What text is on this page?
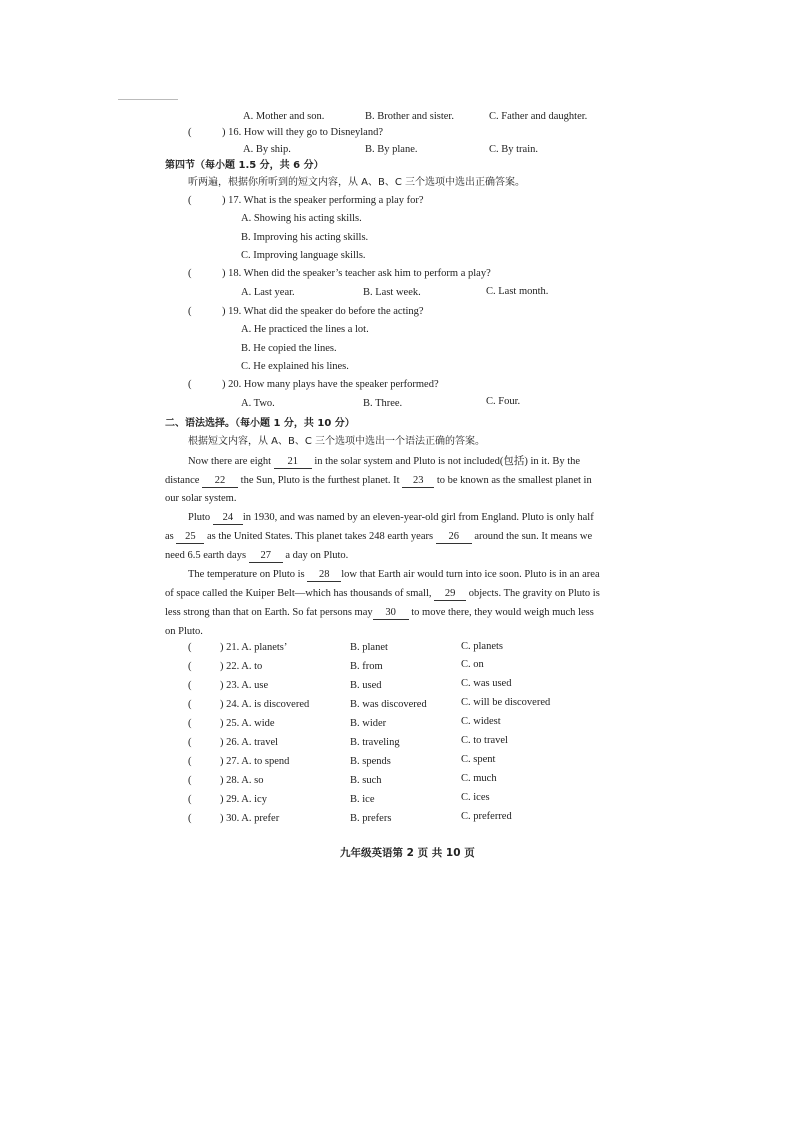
A. Mother and son.	B. Brother and sister.	C. Father and daughter.
(	) 16. How will they go to Disneyland?
A. By ship.	B. By plane.	C. By train.
第四节（每小题 1.5 分，共 6 分）
听两遍，根据你所听到的短文内容，从 A、B、C 三个选项中选出正确答案。
(	) 17. What is the speaker performing a play for?
A. Showing his acting skills.
B. Improving his acting skills.
C. Improving language skills.
(	) 18. When did the speaker’s teacher ask him to perform a play?
A. Last year.	B. Last week.	C. Last month.
(	) 19. What did the speaker do before the acting?
A. He practiced the lines a lot.
B. He copied the lines.
C. He explained his lines.
(	) 20. How many plays have the speaker performed?
A. Two.	B. Three.	C. Four.
二、语法选择。（每小题 1 分，共 10 分）
根据短文内容，从 A、B、C 三个选项中选出一个语法正确的答案。
Now there are eight 21 in the solar system and Pluto is not included(包括) in it. By the
distance 22 the Sun, Pluto is the furthest planet. It 23 to be known as the smallest planet in
our solar system.
Pluto 24 in 1930, and was named by an eleven-year-old girl from England. Pluto is only half
as 25 as the United States. This planet takes 248 earth years 26 around the sun. It means we
need 6.5 earth days 27 a day on Pluto.
The temperature on Pluto is 28 low that Earth air would turn into ice soon. Pluto is in an area
of space called the Kuiper Belt—which has thousands of small, 29 objects. The gravity on Pluto is
less strong than that on Earth. So fat persons may 30 to move there, they would weigh much less
on Pluto.
(	) 21. A. planets’	B. planet	C. planets
(	) 22. A. to	B. from	C. on
(	) 23. A. use	B. used	C. was used
(	) 24. A. is discovered	B. was discovered	C. will be discovered
(	) 25. A. wide	B. wider	C. widest
(	) 26. A. travel	B. traveling	C. to travel
(	) 27. A. to spend	B. spends	C. spent
(	) 28. A. so	B. such	C. much
(	) 29. A. icy	B. ice	C. ices
(	) 30. A. prefer	B. prefers	C. preferred
九年级英语第 2 页 共 10 页
